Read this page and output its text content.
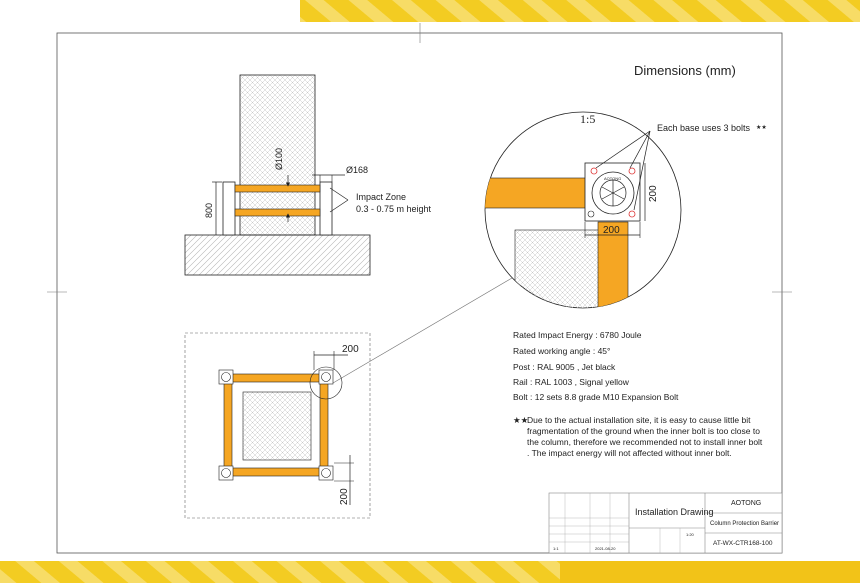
Ø100
800
Ø168
Impact Zone
0.3 - 0.75 m height
AOTONG
200
200
Each base uses 3 bolts ★★
200
200
Installation Drawing
AOTONG
Column Protection Barrier
AT-WX-CTR168-100
1:20
2021-08-20
1:1
Dimensions (mm)
1:5
Rated Impact Energy : 6780 Joule
Rated working angle : 45°
Post : RAL 9005 , Jet black
Rail : RAL 1003 , Signal yellow
Bolt : 12 sets 8.8 grade M10 Expansion Bolt
★★
Due to the actual installation site, it is easy to cause little bit fragmentation of the ground when the inner bolt is too close to the column, therefore we recommended not to install inner bolt . The impact energy will not affected without inner bolt.
